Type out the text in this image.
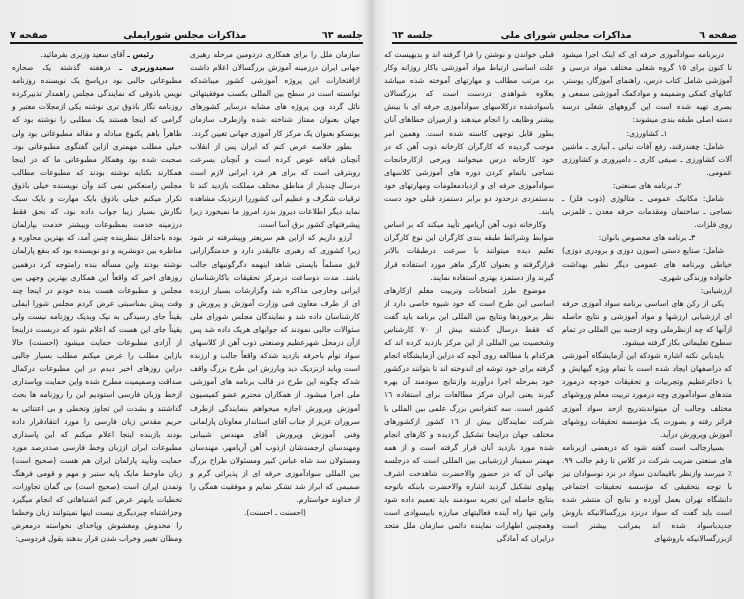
جلسه ٦٣
مذاکرات مجلس شورایملی
صفحه ٧

سازمان ملل را برای همکاری دردومین مرحله رهبری جهانی ایران درزمینه آموزش بزرگسالان اعلام داشت ازافتخارات این پروژه آموزشی کشور میباشدکه توانسته است در سطح بین المللی بکسب موفقیتهائی نائل گردد وین پروژه های مشابه درسایر کشورهای جهان بعنوان ممتاز شناخته شده وازطرف سازمان یونسکو بعنوان یک مرکز کار آموزی جهانی تعیین گردد.

بطور خلاصه عرض کنم که ایران پس از انقلاب آنچنان قیافه عوض کرده است و آنچنان بسرعت روبترقی است که برای هر فرد ایرانی لازم است درسال چندبار از مناطق مختلف مملکت بازدید کند تا ترقیات شگرف و عظیم آنی کشوررا ازنزدیک مشاهده نماید دیگر اطلاعات دیروز بدرد امروز ما نمیخورد زیرا پیشرفتهای کشور برق آسا است.

آرزو داریم که ازاین هم سریعتر وپیشرفته تر شود زیرا کشوری که رهبری عالیقدر دارد و خدمتگزارانی لایق مسلماً بایستی شاهد اینهمه دگرگونیهای جالب باشد. مدت دوساعت درمرکز تحقیقات باکارشناسان ایرانی وخارجی مذاکره شد وگزارشات بسیار ارزنده ای از طرف معاون فنی وزارت آموزش و پرورش و کارشناسان داده شد و نمایندگان مجلس شورای ملی سئوالات جالبی نمودند که جوابهای هریک داده شد پس ازآن درمحل شهرعظیم وصنعتی ذوب آهن از کلاسهای سواد توأم باحرفه بازدید شدکه واقعاً جالب و ارزنده است وباید ازنزدیک دید وبارزش این طرح بزرگ واقف شدکه چگونه این طرح در قالب برنامه های آموزشی ملی اجرا میشود. از همکاران محترم عضو کمیسیون آموزش وپرورش اجازه میخواهم بنمایندگی ازطرف سروران عزیز از جناب آقای استاندار معاونان پارلمانی وفنی آموزش وپرورش آقای مهندس شیبانی ومهندسان ارجمندشان ازذوب آهن آریامهر، مهندسان ومسئولان سد شاه عباس کبیر ومسئولان طراح بزرگ بین المللی سوادآموزی حرفه ای از پذیرائی گرم و صمیمی که ابراز شد تشکر نمایم و موفقیت همگی را از خداوند خواستارم.

(احسنت ـ احسنت).

رئیس ـ آقای سعید وزیری بفرمائید.

سعیدوزیری ـ درهفته گذشته یک صحاره مطبوعاتی جالبی بود درپاسخ یک نویسنده روزنامه نویس باذوقی که نمایندگی مجلس راهمدار تدبیرکرده روزنامه نگار باذوق تری نوشته یکی ازمجلات معتبر و گرامی که اینجا هستند یک مطلبی را نوشته بود که ظاهراً باهم یکنوع مبادله و مقاله مطبوعاتی بود ولی خیلی مطلب مهمتری ازاین گفتگوی مطبوعاتی بود. صحبت شده بود وهمکار مطبوعاتی ما که در اینجا همکارند بکنایه نوشته بودند که مطبوعات مطالب مجلس رامنعکس نمی کند وآن نویسنده خیلی باذوق تکرار میکنم خیلی باذوق بایک مهارت و بایک سبک نگارش بسیار زیبا جواب داده بود، که بحق فقط درزمینه خدمت بمطبوعات وبیشتر خدمت بپارلمان بوده باحداقل بنظربنده چنین آمد، که بهترین محاوره و مناظره بین دونشریه و دو نویسنده بود که بنفع پارلمان نوشته بودند واین مسأله بنده رامتوجه کرد درهمین روزهای اخیر که واقعاً این همکاری بهترین وجهی بین مجلس و مطبوعات هست بنده خودم در اینجا چند وقت پیش بمناسبتی عرض کردم مجلس شورا ایملی بقیناً جای رسیدگی به نیک وبدیک روزنامه نیست ولی یقیناً جای این هست که اعلام شود که دربست دراینجا از آزادی مطبوعات حمایت میشود (احسنت) حالا بازاین مطلب را عرض میکنم مطلب بسیار جالبی دراین روزهای اخیر دیدم در این مطبوعات درکمال صداقت وصمیمیت مطرح شده واین حمایت وپاسداری ازخط وزبان فارسی استودیم این را روزنامه ها بحث گذاشتند و بشدت این تجاوز وتخطی و بی اعتنائی به حریم مقدس زبان فارسی را مورد انتقادقرار داده بودند بازبنده اینجا اعلام میکنم که این پاسداری مطبوعات ایران اززبان وخط فارسی صددرصد مورد حمایت وتأیید پارلمان ایران هم هست (صحیح است) زبان ماوخط مایک پایه ستبر و مهم و قومی فرهنگ وتمدن ایران است (صحیح است) بی گمان تجاوزات، تخطیات یابهتر عرض کنم اشتباهاتی که انجام میگیرد وجزاشتباه چیزدیگری نیست اینها نمیتوانند زبان وخطما را مخدوش ومغشوش وپاخدای نخواسته درمعرض ومظان تغییر وخراب شدن قرار بدهند بقول فردوسی:

صفحه ٦
مذاکرات مجلس شورای ملی
جلسه ٦٣

دربرنامه سوادآموزی حرفه ای که اینک اجرا میشود تا کنون برای ١٥ گروه شغلی مختلف مواد درسی و آموزشی شامل کتاب درس، راهنمای آموزگار، پوستر، کتابهای کمکی وضمیمه و موادکمک آموزشی سمعی و بصری تهیه شده است این گروههای شغلی درسه دسته اصلی طبقه بندی میشوند:

١ـ کشاورزی:

شامل: چغندرقند، رفع آفات نباتی ـ آبیاری ـ ماشین آلات کشاورزی ـ صیفی کاری ـ دامپروری و کشاورزی عمومی.

٢ـ برنامه های صنعتی:

شامل: مکانیک عمومی ـ متالوژی (ذوب فلز) ـ نساجی ـ ساختمان ومقدمات حرفه معدن ـ قلمزنی روی فلزات.

٣ـ برنامه های مخصوص بانوان:

شامل: صنایع دستی (سوزن دوزی و برودری دوزی) خیاطی وبرنامه های عمومی دیگر نظیر بهداشت خانواده وزندگی شهری.

ارزشیابی:

یکی از رکن های اساسی برنامه سواد آموزی حرفه ای ارزشیابی ارزشها و مواد آموزشی و نتایج حاصله ازآنها که چه ازنظرملی وچه ازجنبه بین المللی در تمام سطوح تعلیماتی بکار گرفته میشود.

بایدبابن نکته اشاره شودکه این آزمایشگاه آموزشی که دراصفهان ایجاد شده است با تمام ویژه گیهایش و با ذخائرعظیم وتجربیات و تحقیقات خودچه درمورد متدهای سوادآموزی وچه درمورد تربیت معلم وروشهای مختلف وجالب آن میتواندبتدریج ازحد سواد آموزی فراتر رفته و بصورت یک مؤسسه تحقیقات روشهای آموزش وپرورش درآید.

بسیارجالب است گفته شود که دربعضی ازبرنامه های صنعتی ضریب شرکت در کلاس تا رقم جالب ٩٩. ٪ میرسد وازنظر باقیماندن سواد در نزد نوسوادان نیز با توجه بتحقیقی که مؤسسه تحقیقات اجتماعی دانشگاه تهران بعمل آورده و نتایج آن منتشر شده است باید گفت که سواد درنزد بزرگسالانیکه باروش جدیدباسواد شده اند بمراتب بیشتر است ازبزرگسالانیکه باروشهای

قبلی خواندن و نوشتن را فرا گرفته اند و بدیهیست که علت اساسی ارتباط مواد آموزشی باکار روزانه وکار برد مرتب مطالب و مهارتهای آموخته شده میباشد بعلاوه شواهدی دردست است که بزرگسالان باسوادشده درکلاسهای سوادآموزی حرفه ای با بینش بیشتر وظایف را انجام میدهند و ازمیزان خطاهای آنان بطور قابل توجهی کاسته شده است. وهمین امر موجب گردیده که کارگران کارخانه ذوب آهن که در خود کارخانه درس میخوانند وبرخی ازکارخانجات نساجی باتمام کردن دوره های آموزشی کلاسهای سوادآموزی حرفه ای و ازدیادمعلومات ومهارتهای خود بدستمزدی درحدود دو برابر دستمزد قبلی خود دست یابند.

وکارخانه ذوب آهن آریامهر تأیید میکند که بر اساس ضوابط وشرائط طبقه بندی کارگران این نوع کارگران تعلیم دیده میتوانند با سرعت درطبقات بالاتر قرارگرفته و بعنوان کارگر ماهر مورد استفاده قرار گیرند واز دستمزد بهتری استفاده نمایند.

موضوع طرز امتحانات وتربیت معلم ازکارهای اساسی این طرح است که خود شیوه خاصی دارد از نظر برخوردها ونتایج بین المللی این برنامه باید گفت که فقط درسال گذشته بیش از ٧٠ کارشناس وشخصیت بین المللی از این مرکز بازدید کرده اند که هرکدام با مطالعه روی آنچه که دراین آزمایشگاه انجام گرفته برای خود توشه ای اندوخته اند تا بتوانند درکشور خود بمرحله اجرا درآورند وازنتایج سودمند آن بهره گیرند یعنی ایران مرکز مطالعات برای استفاده ١٦ کشور است. سه کنفرانس بزرگ علمی بین المللی با شرکت نمایندگان بیش از ١٦ کشور ازکشورهای مختلف جهان دراینجا تشکیل گردیده و کارهای انجام شده مورد بازدید آنان قرار گرفته است و از همه مهمتر سمینار ارزشیابی بین المللی است که درجلسه نهائی آن که در حضور والاحضرت شاهدخت اشرف پهلوی تشکیل گردید اشاره والاحضرت بابنکه باتوجه بنتایج حاصله این تجربه سودمند باید تعمیم داده شود واین تنها راه آینده فعالیتهای مبارزه بابیسوادی است وهمچنین اظهارات نماینده دائمی سازمان ملل متحد درایران که آمادگی
